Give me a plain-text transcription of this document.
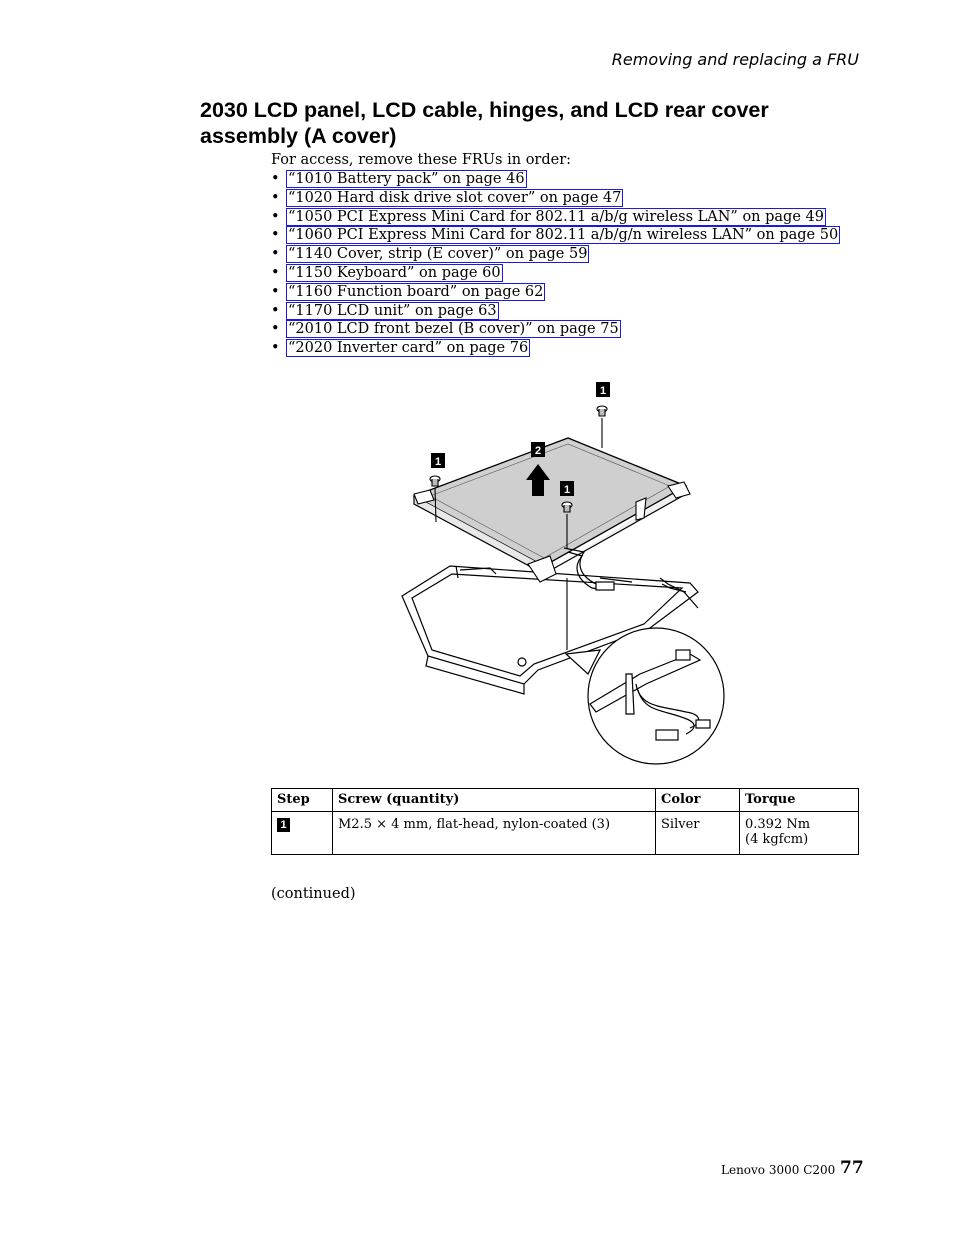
Removing and replacing a FRU
2030 LCD panel, LCD cable, hinges, and LCD rear cover assembly (A cover)
For access, remove these FRUs in order:
• “1010 Battery pack” on page 46
• “1020 Hard disk drive slot cover” on page 47
• “1050 PCI Express Mini Card for 802.11 a/b/g wireless LAN” on page 49
• “1060 PCI Express Mini Card for 802.11 a/b/g/n wireless LAN” on page 50
• “1140 Cover, strip (E cover)” on page 59
• “1150 Keyboard” on page 60
• “1160 Function board” on page 62
• “1170 LCD unit” on page 63
• “2010 LCD front bezel (B cover)” on page 75
• “2020 Inverter card” on page 76
1
2
1
1
Step	Screw (quantity)	Color	Torque
1	M2.5 × 4 mm, flat-head, nylon-coated (3)	Silver	0.392 Nm
(4 kgfcm)
(continued)
Lenovo 3000 C200 77
